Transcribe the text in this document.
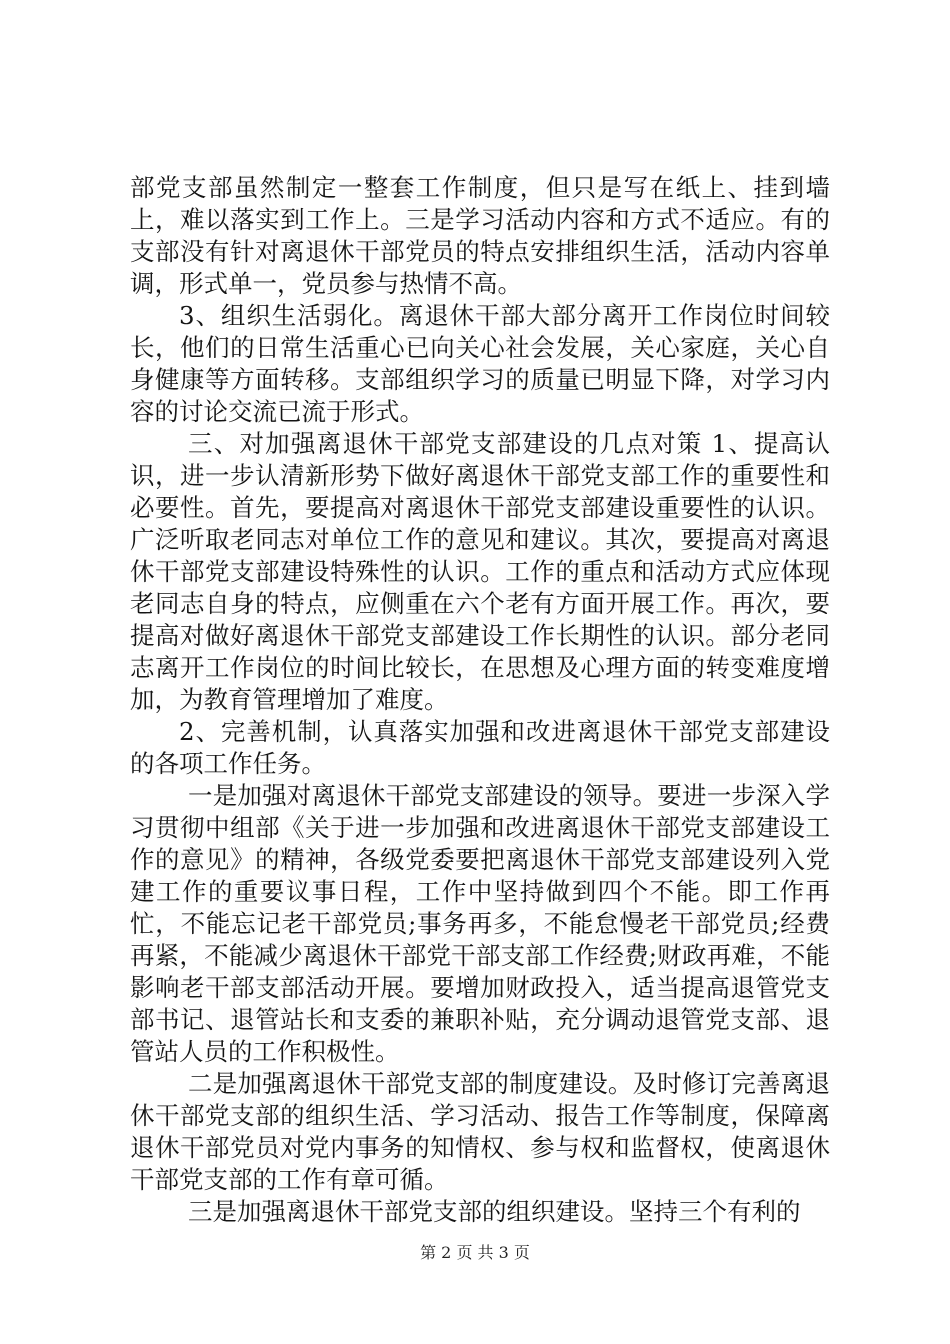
部党支部虽然制定一整套工作制度，但只是写在纸上、挂到墙上，难以落实到工作上。三是学习活动内容和方式不适应。有的支部没有针对离退休干部党员的特点安排组织生活，活动内容单调，形式单一，党员参与热情不高。

3、组织生活弱化。离退休干部大部分离开工作岗位时间较长，他们的日常生活重心已向关心社会发展，关心家庭，关心自身健康等方面转移。支部组织学习的质量已明显下降，对学习内容的讨论交流已流于形式。

三、对加强离退休干部党支部建设的几点对策 1、提高认识，进一步认清新形势下做好离退休干部党支部工作的重要性和必要性。首先，要提高对离退休干部党支部建设重要性的认识。广泛听取老同志对单位工作的意见和建议。其次，要提高对离退休干部党支部建设特殊性的认识。工作的重点和活动方式应体现老同志自身的特点，应侧重在六个老有方面开展工作。再次，要提高对做好离退休干部党支部建设工作长期性的认识。部分老同志离开工作岗位的时间比较长，在思想及心理方面的转变难度增加，为教育管理增加了难度。

2、完善机制，认真落实加强和改进离退休干部党支部建设的各项工作任务。

一是加强对离退休干部党支部建设的领导。要进一步深入学习贯彻中组部《关于进一步加强和改进离退休干部党支部建设工作的意见》的精神，各级党委要把离退休干部党支部建设列入党建工作的重要议事日程，工作中坚持做到四个不能。即工作再忙，不能忘记老干部党员;事务再多，不能怠慢老干部党员;经费再紧，不能减少离退休干部党干部支部工作经费;财政再难，不能影响老干部支部活动开展。要增加财政投入，适当提高退管党支部书记、退管站长和支委的兼职补贴，充分调动退管党支部、退管站人员的工作积极性。

二是加强离退休干部党支部的制度建设。及时修订完善离退休干部党支部的组织生活、学习活动、报告工作等制度，保障离退休干部党员对党内事务的知情权、参与权和监督权，使离退休干部党支部的工作有章可循。

三是加强离退休干部党支部的组织建设。坚持三个有利的

第 2 页 共 3 页
